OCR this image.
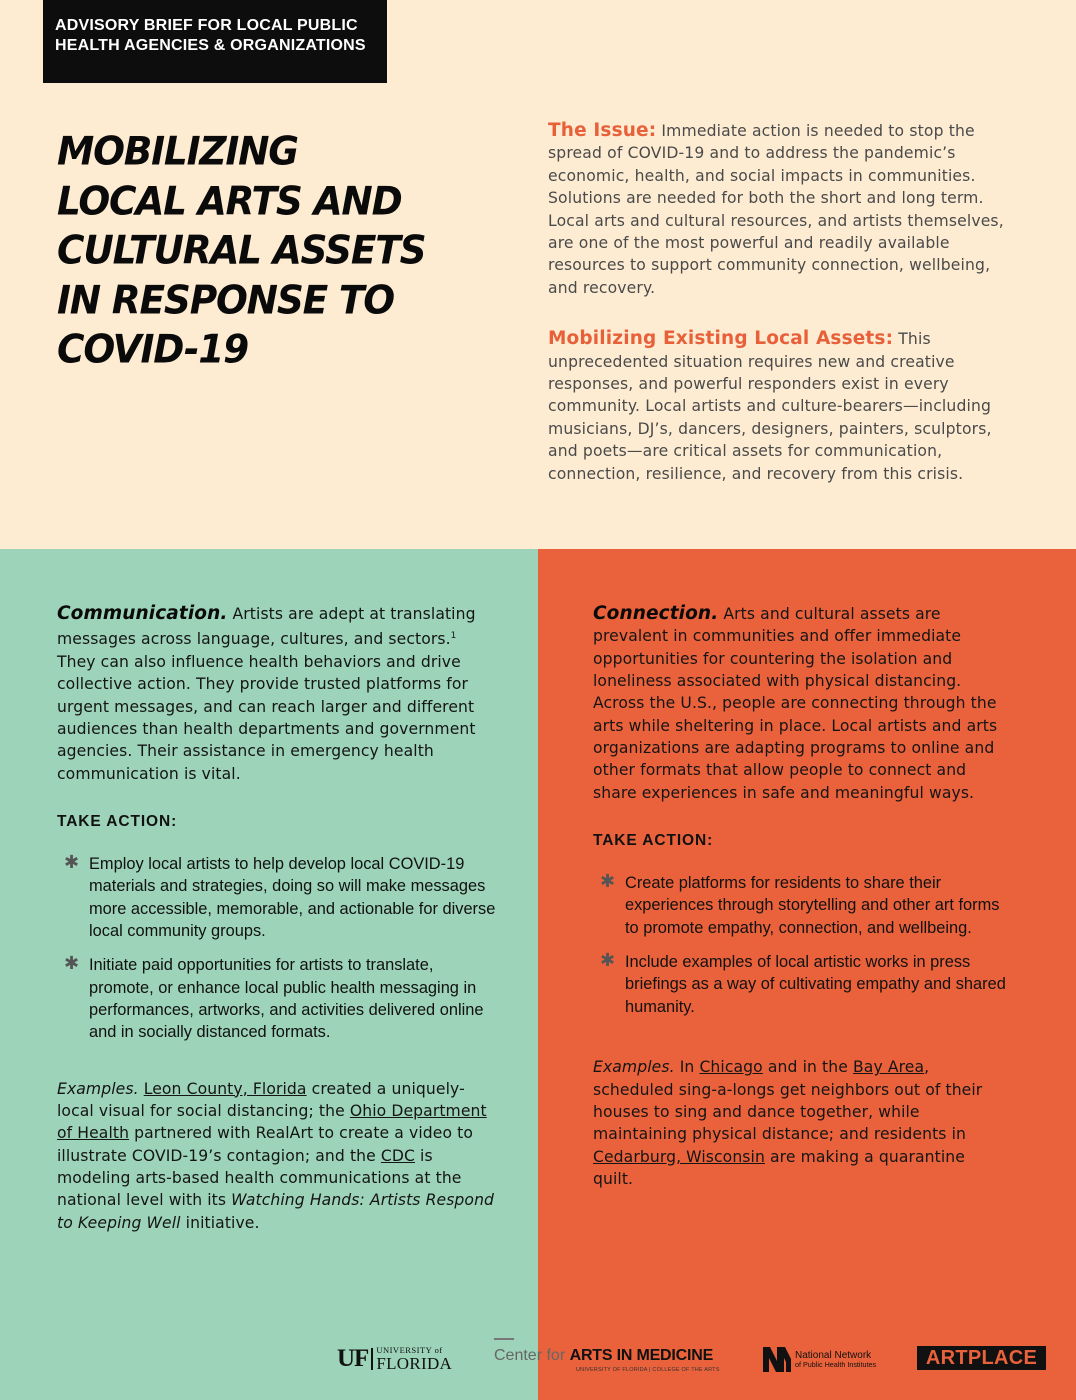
ADVISORY BRIEF FOR LOCAL PUBLIC
HEALTH AGENCIES & ORGANIZATIONS
MOBILIZING
LOCAL ARTS AND
CULTURAL ASSETS
IN RESPONSE TO
COVID-19

The Issue: Immediate action is needed to stop the spread of COVID-19 and to address the pandemic’s economic, health, and social impacts in communities. Solutions are needed for both the short and long term. Local arts and cultural resources, and artists themselves, are one of the most powerful and readily available resources to support community connection, wellbeing, and recovery.

Mobilizing Existing Local Assets: This unprecedented situation requires new and creative responses, and powerful responders exist in every community. Local artists and culture-bearers—including musicians, DJ’s, dancers, designers, painters, sculptors, and poets—are critical assets for communication, connection, resilience, and recovery from this crisis.

Communication. Artists are adept at translating messages across language, cultures, and sectors.$^1$ They can also influence health behaviors and drive collective action. They provide trusted platforms for urgent messages, and can reach larger and different audiences than health departments and government agencies. Their assistance in emergency health communication is vital.

TAKE ACTION:
✱ Employ local artists to help develop local COVID-19 materials and strategies, doing so will make messages more accessible, memorable, and actionable for diverse local community groups.
✱ Initiate paid opportunities for artists to translate, promote, or enhance local public health messaging in performances, artworks, and activities delivered online and in socially distanced formats.

Examples. Leon County, Florida created a uniquely-local visual for social distancing; the Ohio Department of Health partnered with RealArt to create a video to illustrate COVID-19’s contagion; and the CDC is modeling arts-based health communications at the national level with its Watching Hands: Artists Respond to Keeping Well initiative.

Connection. Arts and cultural assets are prevalent in communities and offer immediate opportunities for countering the isolation and loneliness associated with physical distancing. Across the U.S., people are connecting through the arts while sheltering in place. Local artists and arts organizations are adapting programs to online and other formats that allow people to connect and share experiences in safe and meaningful ways.

TAKE ACTION:
✱ Create platforms for residents to share their experiences through storytelling and other art forms to promote empathy, connection, and wellbeing.
✱ Include examples of local artistic works in press briefings as a way of cultivating empathy and shared humanity.

Examples. In Chicago and in the Bay Area, scheduled sing-a-longs get neighbors out of their houses to sing and dance together, while maintaining physical distance; and residents in Cedarburg, Wisconsin are making a quarantine quilt.

UF UNIVERSITY of
FLORIDA	Center for ARTS IN MEDICINE
UNIVERSITY OF FLORIDA | COLLEGE OF THE ARTS
National Network
of Public Health Institutes ARTPLACE
